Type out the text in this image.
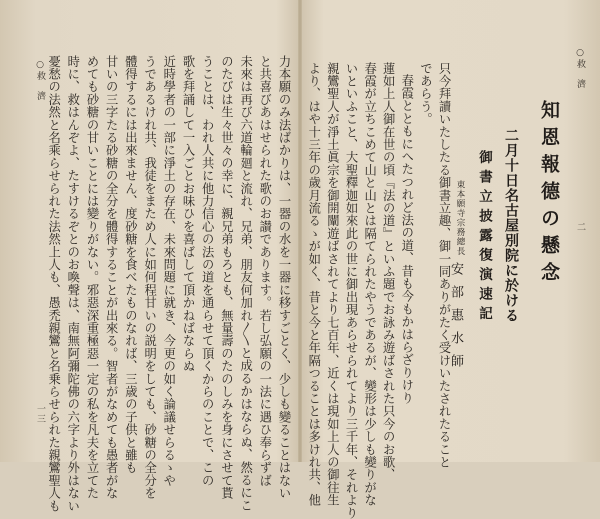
○救　濟
一三	力本願のみ法ばかりは、一器の水を一器に移すごとく、少しも變ることはない
と共喜びあはせられた歌のお讃であります。若し弘願の一法に遇ひ奉らずば
未來は再び六道輪廻と流れ、兄弟、朋友何加れ〳〵と成るかはならぬ、然るにこ
のたびは生々世々の幸に、親兄弟もろとも、無量壽のたのしみを身にさせて貰
うことは、われ人共に他力信心の法の道を通らせて頂くからのことで、この
歌を拜誦して一入ごとお味ひを喜ばして頂かねばならぬ
近時學者の一部に淨土の存在、未來問題に就き、今更の如く論議せらるゝや
うであるけれ共、我徒をまため人に如何程甘いの説明をしても、砂糖の全分を
體得するには出來ません、度砂糖を食べたものなれば、三歳の子供と雖も
甘いの三字たる砂糖の全分を體得することが出來る。智者がなめても愚者がな
めても砂糖の甘いことには變りがない。邪惡深重極惡一定の私を凡夫を立てた
時に、救はんぞよ、たすけるぞとのお喚聲は、南無阿彌陀佛の六字より外はない
憂愁の法然と名乘らせられた法然上人も、愚禿親鸞と名乗らせられた親鸞聖人も	○救　濟
二
知恩報德の懸念
二月十日名古屋別院に於ける
御書立披露復演速記
東本願寺宗務總長
安部惠水師
只今拜讀いたしたる御書立趣、御一同ありがたく受けいたされたること
であらう。
春霞とともにへたつれど法の道、昔も今もかはらざりけり
蓮如上人御在世の頃『法の道』といふ題でお詠み遊ばされた只今のお歌、
春霞が立ちこめて山と山とは隔てられたやうであるが、變形は少しも變りがな
いといふこと、大聖釋迦如來此の世に御出現あらせられてより三千年、それより
親鸞聖人が淨土眞宗を御開闡遊ばされてより七百年、近くは現如上人の御往生
より、はや十三年の歲月流るゝが如く、昔と今と年隔つることは多けれ共、他
